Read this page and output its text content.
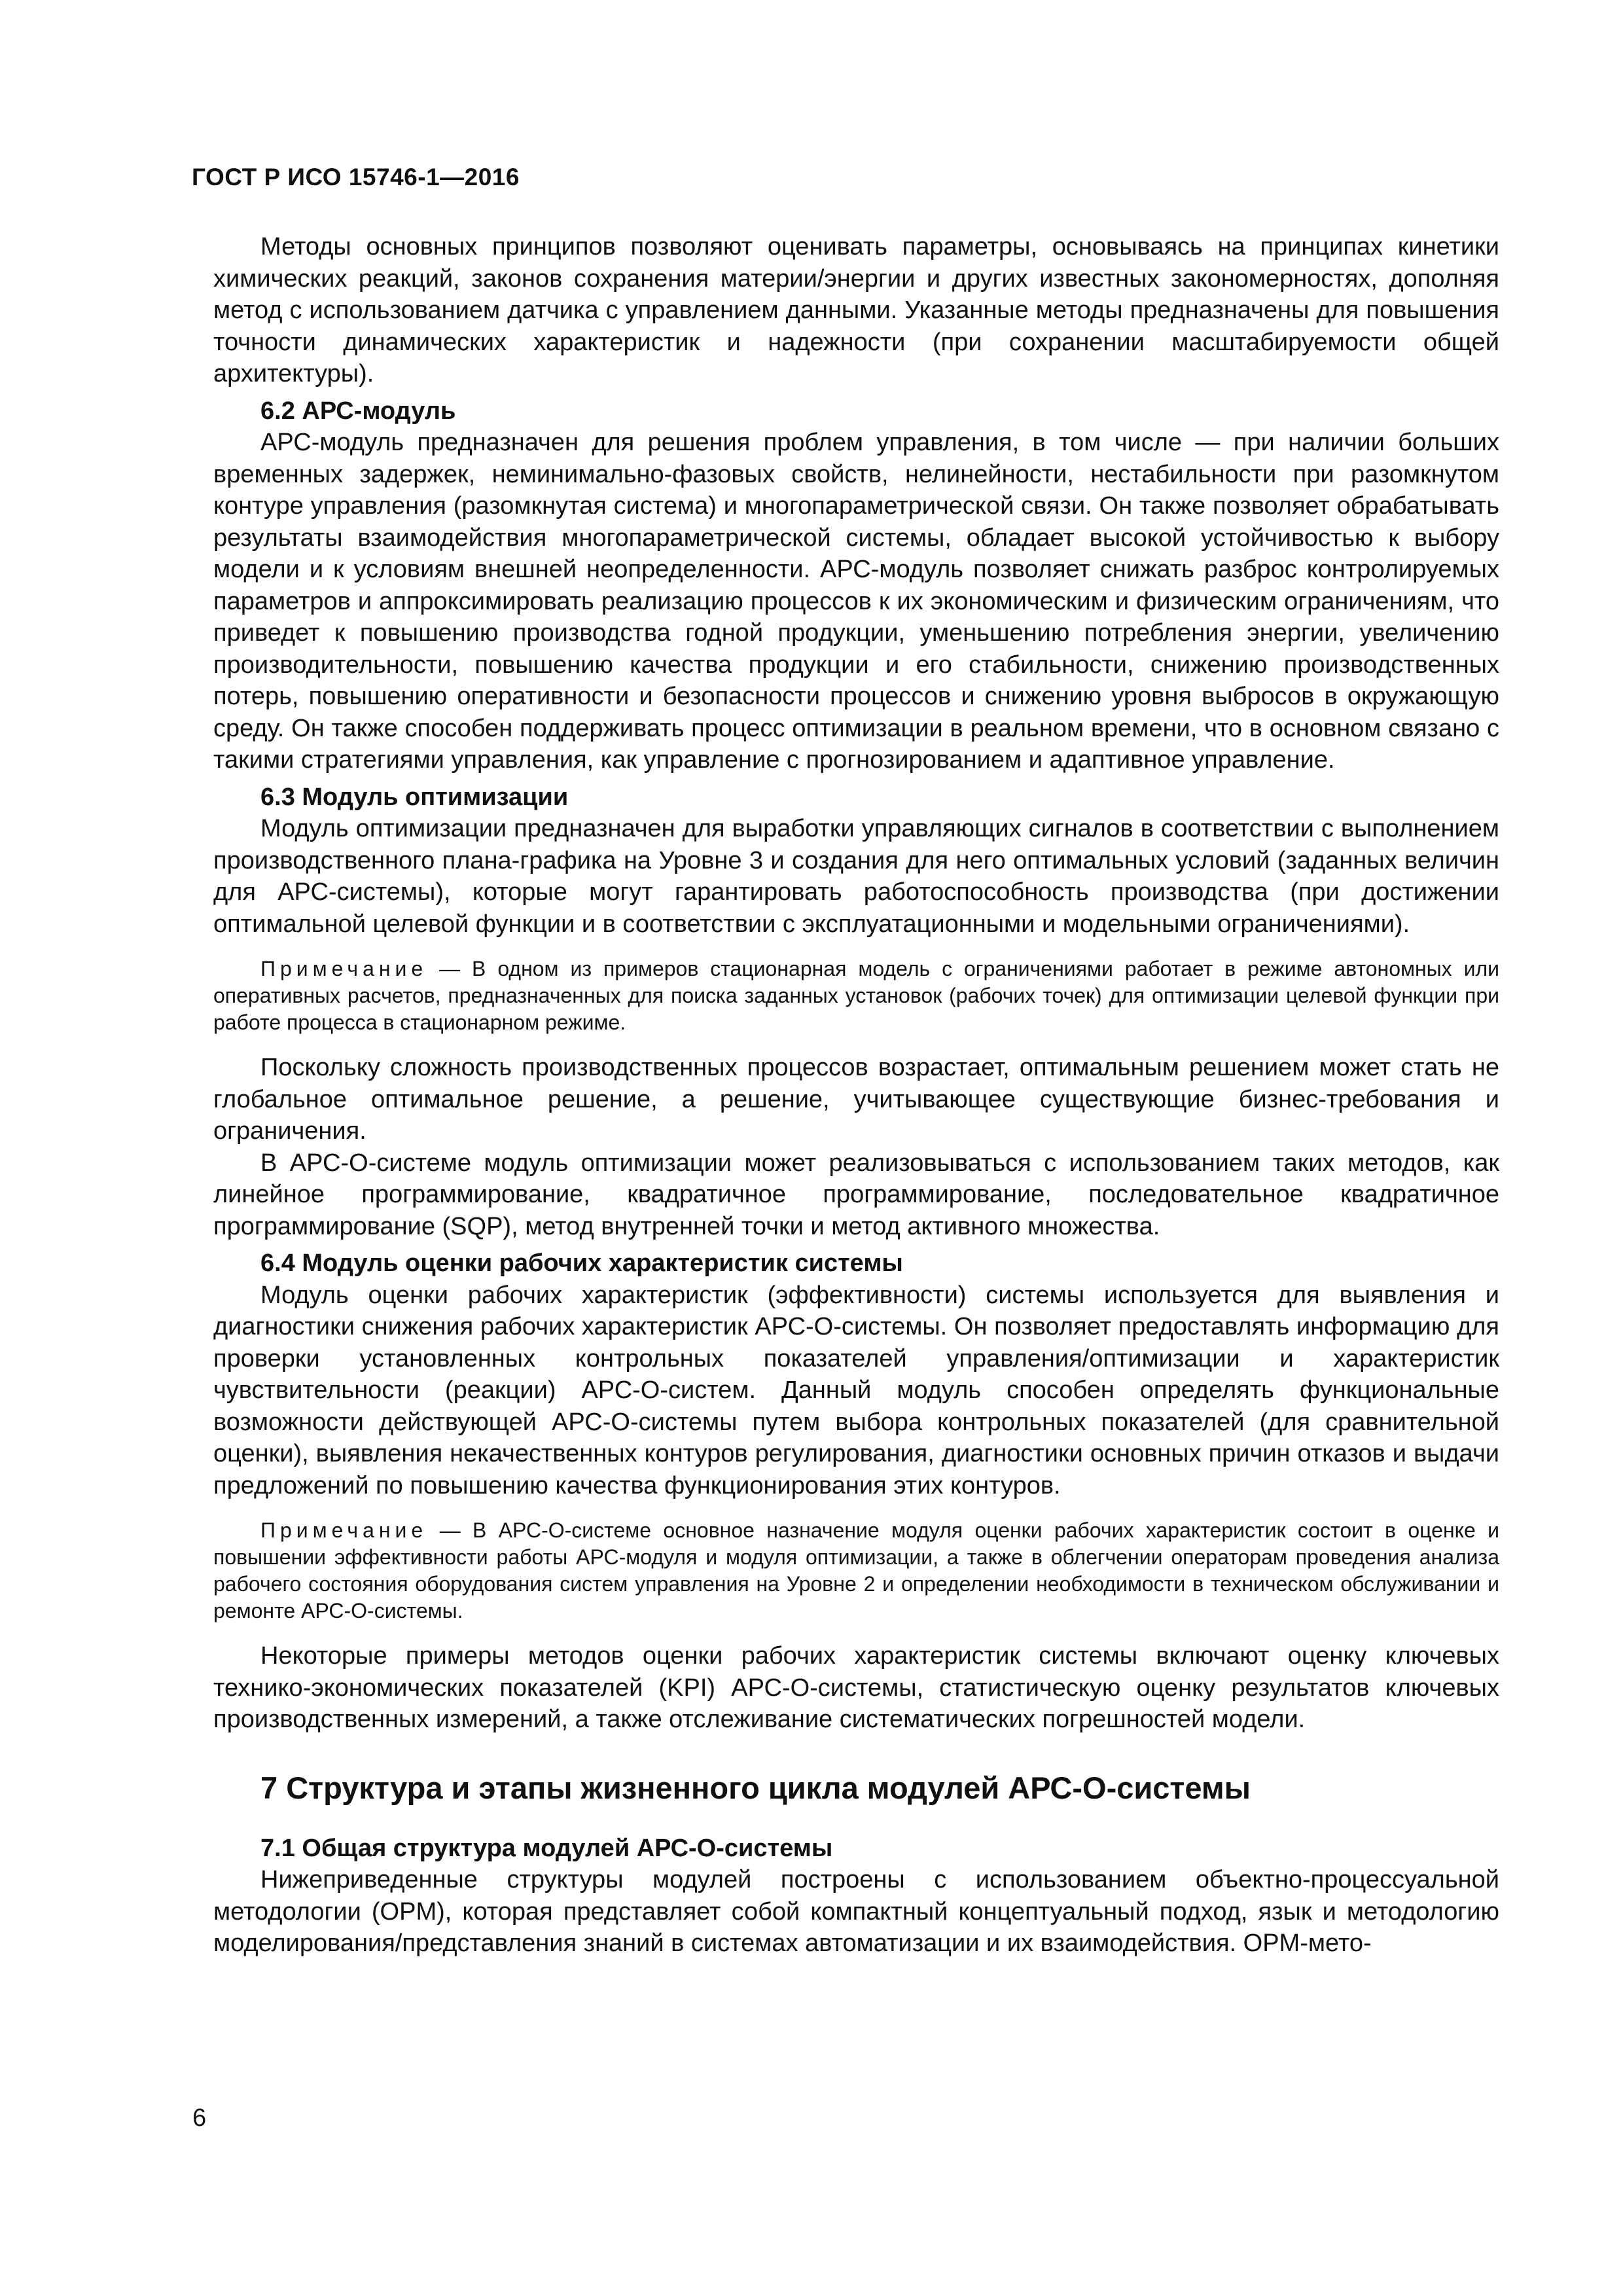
ГОСТ Р ИСО 15746-1—2016

Методы основных принципов позволяют оценивать параметры, основываясь на принципах кинетики химических реакций, законов сохранения материи/энергии и других известных закономерностях, дополняя метод с использованием датчика с управлением данными. Указанные методы предназначены для повышения точности динамических характеристик и надежности (при сохранении масштабируемости общей архитектуры).

6.2 АРС-модуль

АРС-модуль предназначен для решения проблем управления, в том числе — при наличии больших временных задержек, неминимально-фазовых свойств, нелинейности, нестабильности при разомкнутом контуре управления (разомкнутая система) и многопараметрической связи. Он также позволяет обрабатывать результаты взаимодействия многопараметрической системы, обладает высокой устойчивостью к выбору модели и к условиям внешней неопределенности. АРС-модуль позволяет снижать разброс контролируемых параметров и аппроксимировать реализацию процессов к их экономическим и физическим ограничениям, что приведет к повышению производства годной продукции, уменьшению потребления энергии, увеличению производительности, повышению качества продукции и его стабильности, снижению производственных потерь, повышению оперативности и безопасности процессов и снижению уровня выбросов в окружающую среду. Он также способен поддерживать процесс оптимизации в реальном времени, что в основном связано с такими стратегиями управления, как управление с прогнозированием и адаптивное управление.

6.3 Модуль оптимизации

Модуль оптимизации предназначен для выработки управляющих сигналов в соответствии с выполнением производственного плана-графика на Уровне 3 и создания для него оптимальных условий (заданных величин для АРС-системы), которые могут гарантировать работоспособность производства (при достижении оптимальной целевой функции и в соответствии с эксплуатационными и модельными ограничениями).

Примечание — В одном из примеров стационарная модель с ограничениями работает в режиме автономных или оперативных расчетов, предназначенных для поиска заданных установок (рабочих точек) для оптимизации целевой функции при работе процесса в стационарном режиме.

Поскольку сложность производственных процессов возрастает, оптимальным решением может стать не глобальное оптимальное решение, а решение, учитывающее существующие бизнес-требования и ограничения.

В АРС-О-системе модуль оптимизации может реализовываться с использованием таких методов, как линейное программирование, квадратичное программирование, последовательное квадратичное программирование (SQP), метод внутренней точки и метод активного множества.

6.4 Модуль оценки рабочих характеристик системы

Модуль оценки рабочих характеристик (эффективности) системы используется для выявления и диагностики снижения рабочих характеристик АРС-О-системы. Он позволяет предоставлять информацию для проверки установленных контрольных показателей управления/оптимизации и характеристик чувствительности (реакции) АРС-О-систем. Данный модуль способен определять функциональные возможности действующей АРС-О-системы путем выбора контрольных показателей (для сравнительной оценки), выявления некачественных контуров регулирования, диагностики основных причин отказов и выдачи предложений по повышению качества функционирования этих контуров.

Примечание — В АРС-О-системе основное назначение модуля оценки рабочих характеристик состоит в оценке и повышении эффективности работы АРС-модуля и модуля оптимизации, а также в облегчении операторам проведения анализа рабочего состояния оборудования систем управления на Уровне 2 и определении необходимости в техническом обслуживании и ремонте АРС-О-системы.

Некоторые примеры методов оценки рабочих характеристик системы включают оценку ключевых технико-экономических показателей (KPI) АРС-О-системы, статистическую оценку результатов ключевых производственных измерений, а также отслеживание систематических погрешностей модели.

7 Структура и этапы жизненного цикла модулей АРС-О-системы

7.1 Общая структура модулей АРС-О-системы

Нижеприведенные структуры модулей построены с использованием объектно-процессуальной методологии (OPM), которая представляет собой компактный концептуальный подход, язык и методологию моделирования/представления знаний в системах автоматизации и их взаимодействия. OPM-мето-

6
